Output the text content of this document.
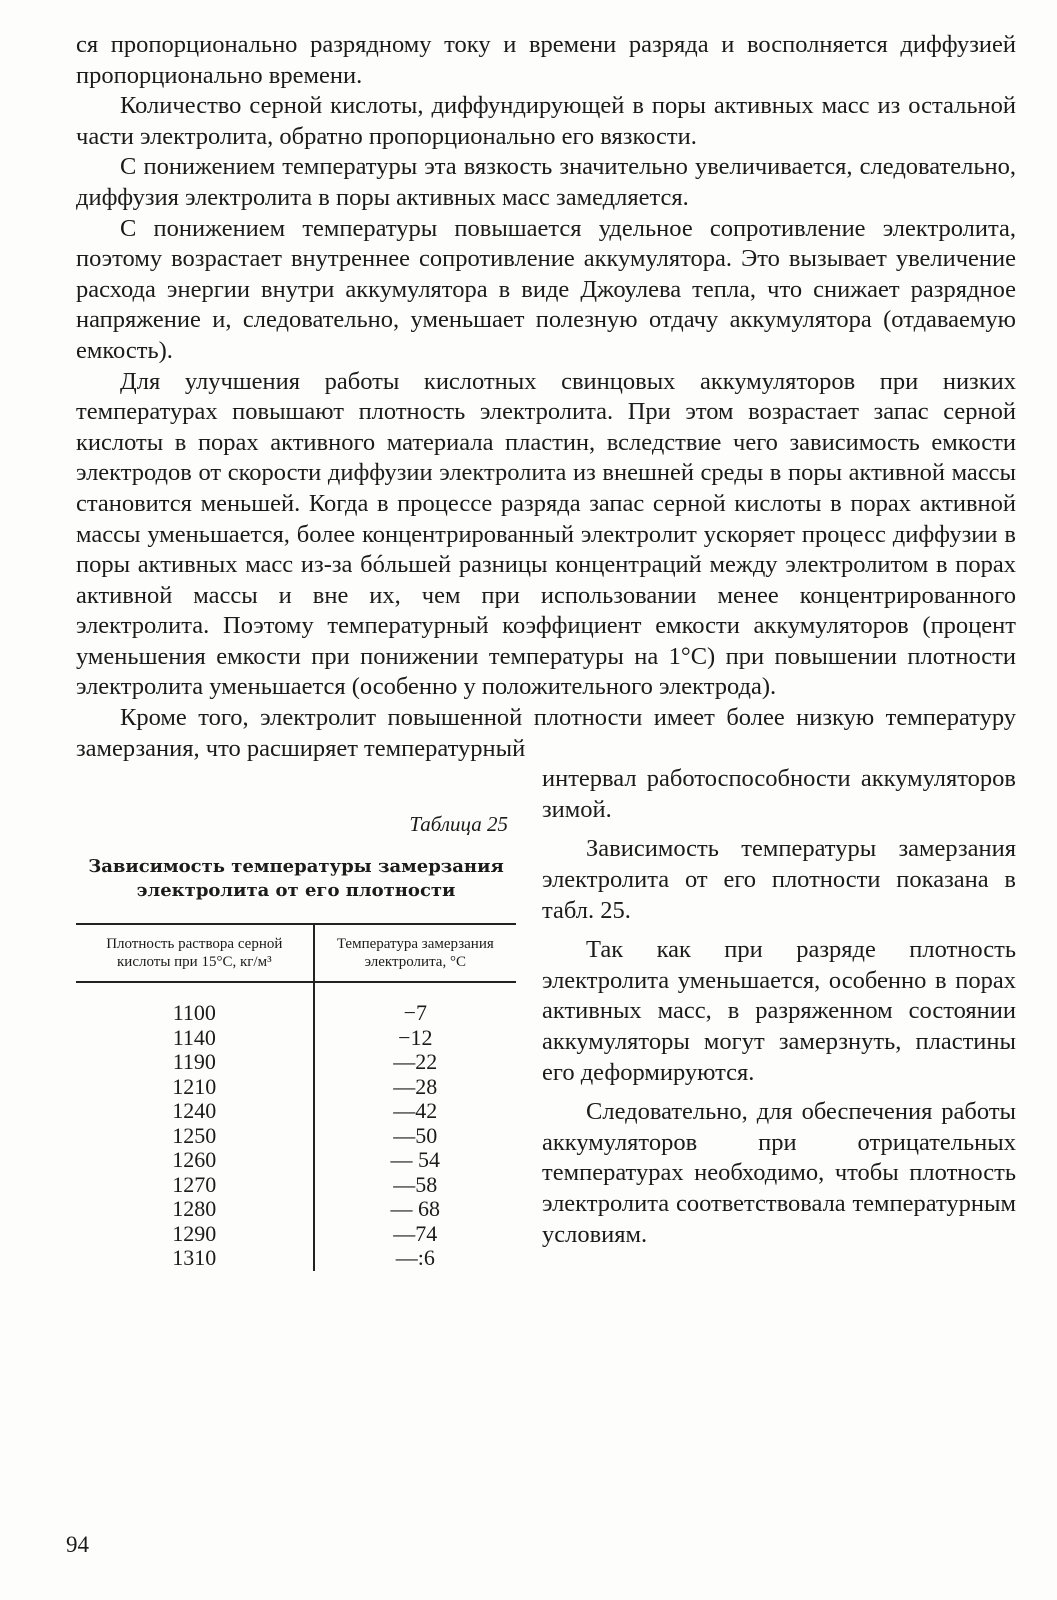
ся пропорционально разрядному току и времени разряда и восполняется диффузией пропорционально времени.

Количество серной кислоты, диффундирующей в поры активных масс из остальной части электролита, обратно пропорционально его вязкости.

С понижением температуры эта вязкость значительно увеличивается, следовательно, диффузия электролита в поры активных масс замедляется.

С понижением температуры повышается удельное сопротивление электролита, поэтому возрастает внутреннее сопротивление аккумулятора. Это вызывает увеличение расхода энергии внутри аккумулятора в виде Джоулева тепла, что снижает разрядное напряжение и, следовательно, уменьшает полезную отдачу аккумулятора (отдаваемую емкость).

Для улучшения работы кислотных свинцовых аккумуляторов при низких температурах повышают плотность электролита. При этом возрастает запас серной кислоты в порах активного материала пластин, вследствие чего зависимость емкости электродов от скорости диффузии электролита из внешней среды в поры активной массы становится меньшей. Когда в процессе разряда запас серной кислоты в порах активной массы уменьшается, более концентрированный электролит ускоряет процесс диффузии в поры активных масс из-за бóльшей разницы концентраций между электролитом в порах активной массы и вне их, чем при использовании менее концентрированного электролита. Поэтому температурный коэффициент емкости аккумуляторов (процент уменьшения емкости при понижении температуры на 1°С) при повышении плотности электролита уменьшается (особенно у положительного электрода).

Кроме того, электролит повышенной плотности имеет более низкую температуру замерзания, что расширяет температурный

Таблица 25
Зависимость температуры замерзания электролита от его плотности
Плотность раствора серной кислоты при 15°С, кг/м³	Температура замерзания электролита, °С
1100	−7
1140	−12
1190	—22
1210	—28
1240	—42
1250	—50
1260	— 54
1270	—58
1280	— 68
1290	—74
1310	—:6

интервал работоспособности аккумуляторов зимой.

Зависимость температуры замерзания электролита от его плотности показана в табл. 25.

Так как при разряде плотность электролита уменьшается, особенно в порах активных масс, в разряженном состоянии аккумуляторы могут замерзнуть, пластины его деформируются.

Следовательно, для обеспечения работы аккумуляторов при отрицательных температурах необходимо, чтобы плотность электролита соответствовала температурным условиям.

94
